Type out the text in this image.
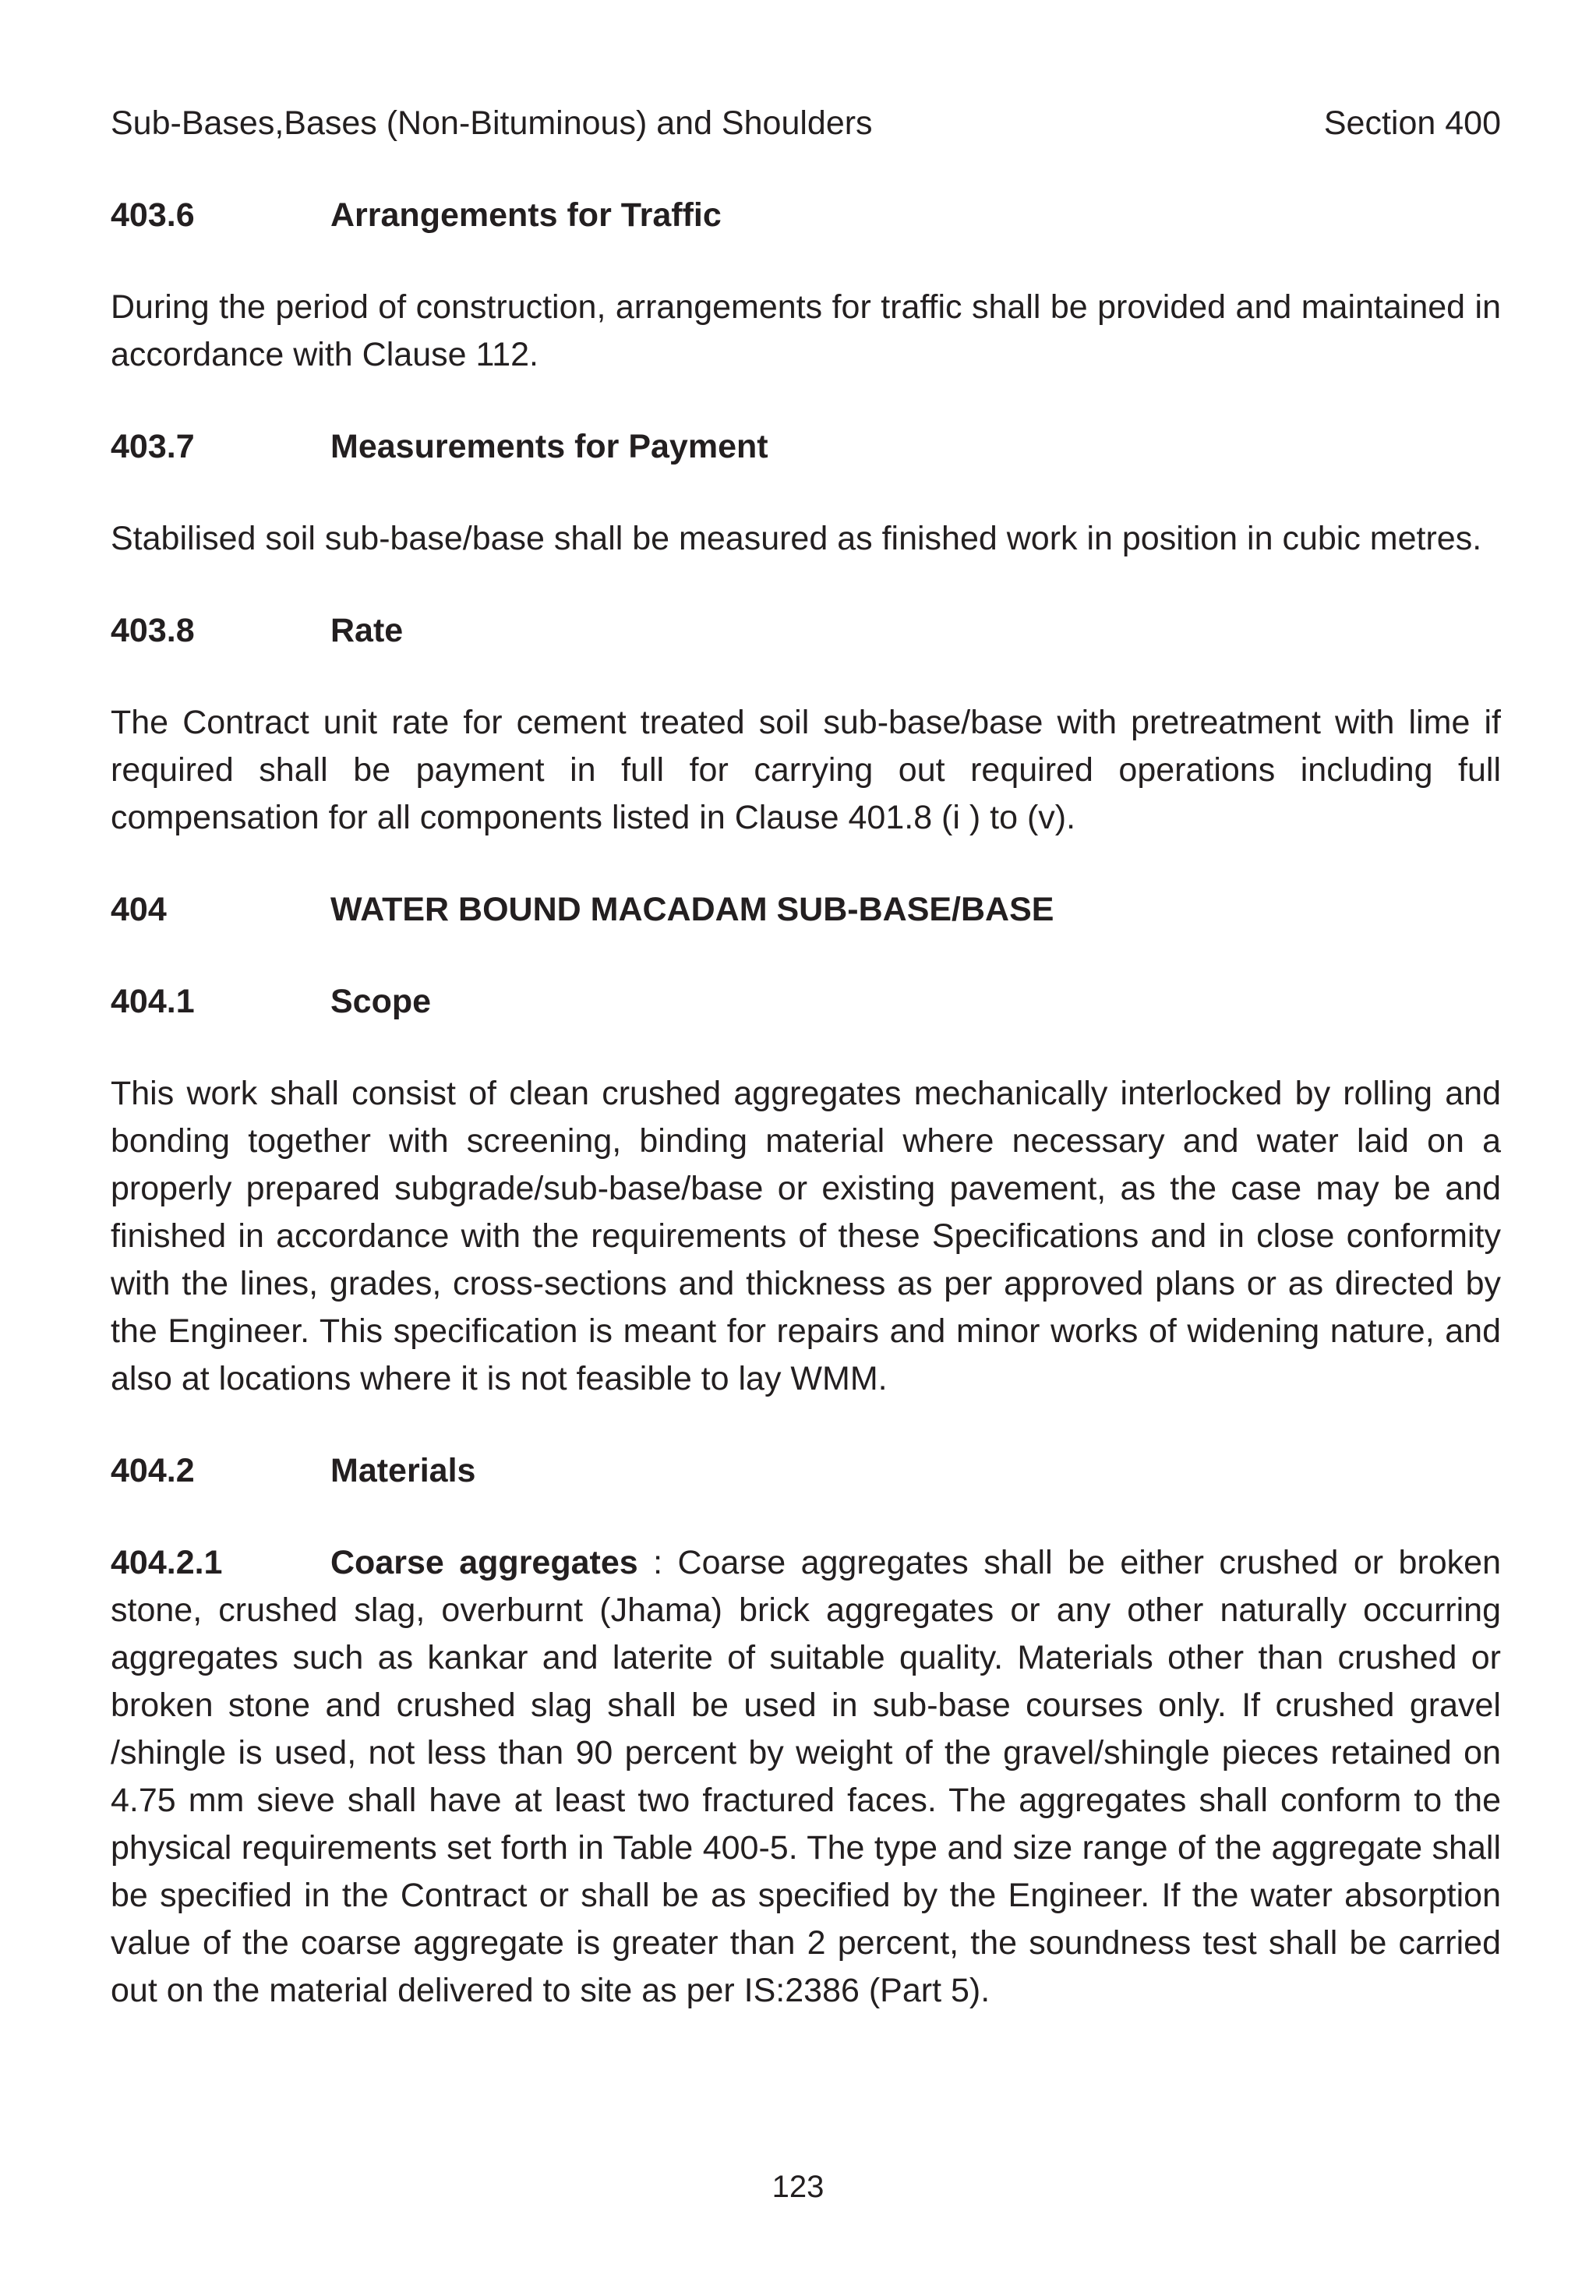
Sub-Bases,Bases (Non-Bituminous) and Shoulders	Section 400
403.6	Arrangements for Traffic

During the period of construction, arrangements for traffic shall be provided and maintained in accordance with Clause 112.

403.7	Measurements for Payment

Stabilised soil sub-base/base shall be measured as finished work in position in cubic metres.

403.8	Rate

The Contract unit rate for cement treated soil sub-base/base with pretreatment with lime if required shall be payment in full for carrying out required operations including full compensation for all components listed in Clause 401.8 (i ) to (v).

404	WATER BOUND MACADAM SUB-BASE/BASE
404.1	Scope

This work shall consist of clean crushed aggregates mechanically interlocked by rolling and bonding together with screening, binding material where necessary and water laid on a properly prepared subgrade/sub-base/base or existing pavement, as the case may be and finished in accordance with the requirements of these Specifications and in close conformity with the lines, grades, cross-sections and thickness as per approved plans or as directed by the Engineer. This specification is meant for repairs and minor works of widening nature, and also at locations where it is not feasible to lay WMM.

404.2	Materials

404.2.1	Coarse aggregates : Coarse aggregates shall be either crushed or broken stone, crushed slag, overburnt (Jhama) brick aggregates or any other naturally occurring aggregates such as kankar and laterite of suitable quality. Materials other than crushed or broken stone and crushed slag shall be used in sub-base courses only. If crushed gravel /shingle is used, not less than 90 percent by weight of the gravel/shingle pieces retained on 4.75 mm sieve shall have at least two fractured faces. The aggregates shall conform to the physical requirements set forth in Table 400-5. The type and size range of the aggregate shall be specified in the Contract or shall be as specified by the Engineer. If the water absorption value of the coarse aggregate is greater than 2 percent, the soundness test shall be carried out on the material delivered to site as per IS:2386 (Part 5).

123
